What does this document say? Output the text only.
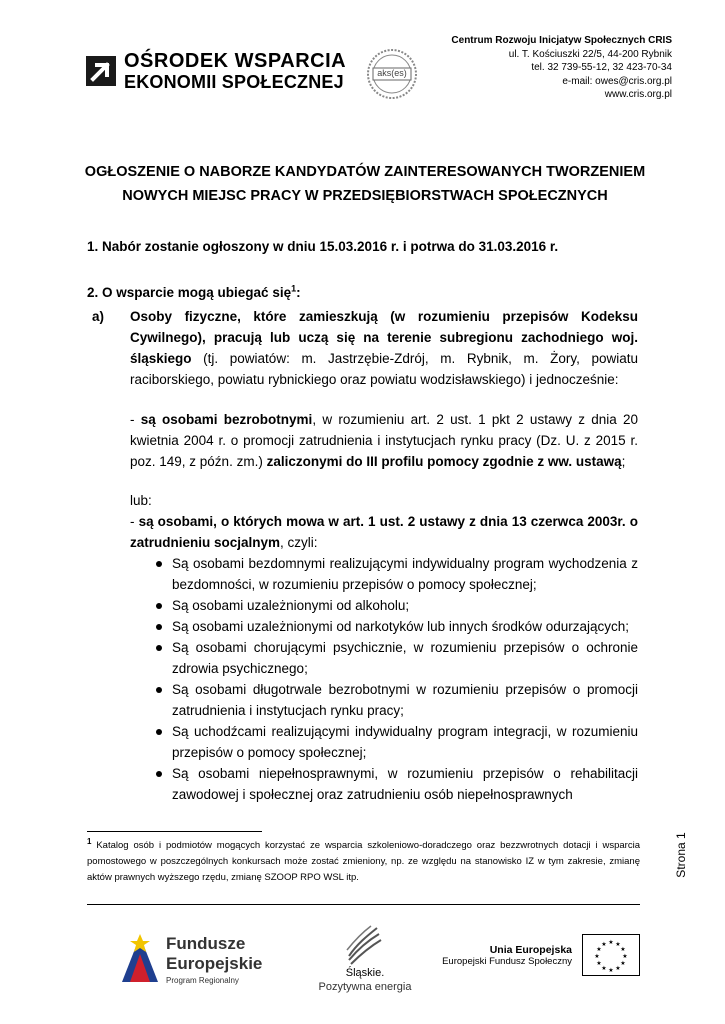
OŚRODEK WSPARCIA
EKONOMII SPOŁECZNEJ	aks(es)
Centrum Rozwoju Inicjatyw Społecznych CRIS
ul. T. Kościuszki 22/5, 44-200 Rybnik
tel. 32 739-55-12, 32 423-70-34
e-mail: owes@cris.org.pl
www.cris.org.pl
OGŁOSZENIE O NABORZE KANDYDATÓW ZAINTERESOWANYCH TWORZENIEM
NOWYCH MIEJSC PRACY W PRZEDSIĘBIORSTWACH SPOŁECZNYCH
1. Nabór zostanie ogłoszony w dniu 15.03.2016 r. i potrwa do 31.03.2016 r.
2. O wsparcie mogą ubiegać się$^1$:
a) Osoby fizyczne, które zamieszkują (w rozumieniu przepisów Kodeksu Cywilnego), pracują lub uczą się na terenie subregionu zachodniego woj. śląskiego (tj. powiatów: m. Jastrzębie-Zdrój, m. Rybnik, m. Żory, powiatu raciborskiego, powiatu rybnickiego oraz powiatu wodzisławskiego) i jednocześnie:
- są osobami bezrobotnymi, w rozumieniu art. 2 ust. 1 pkt 2 ustawy z dnia 20 kwietnia 2004 r. o promocji zatrudnienia i instytucjach rynku pracy (Dz. U. z 2015 r. poz. 149, z późn. zm.) zaliczonymi do III profilu pomocy zgodnie z ww. ustawą;
lub:
- są osobami, o których mowa w art. 1 ust. 2 ustawy z dnia 13 czerwca 2003r. o zatrudnieniu socjalnym, czyli:
Są osobami bezdomnymi realizującymi indywidualny program wychodzenia z bezdomności, w rozumieniu przepisów o pomocy społecznej;
Są osobami uzależnionymi od alkoholu;
Są osobami uzależnionymi od narkotyków lub innych środków odurzających;
Są osobami chorującymi psychicznie, w rozumieniu przepisów o ochronie zdrowia psychicznego;
Są osobami długotrwale bezrobotnymi w rozumieniu przepisów o promocji zatrudnienia i instytucjach rynku pracy;
Są uchodźcami realizującymi indywidualny program integracji, w rozumieniu przepisów o pomocy społecznej;
Są osobami niepełnosprawnymi, w rozumieniu przepisów o rehabilitacji zawodowej i społecznej oraz zatrudnieniu osób niepełnosprawnych
$^1$ Katalog osób i podmiotów mogących korzystać ze wsparcia szkoleniowo-doradczego oraz bezzwrotnych dotacji i wsparcia pomostowego w poszczególnych konkursach może zostać zmieniony, np. ze względu na stanowisko IZ w tym zakresie, zmianę aktów prawnych wyższego rzędu, zmianę SZOOP RPO WSL itp.	Strona 1
Fundusze
Europejskie
Program Regionalny
Śląskie.
Pozytywna energia
Unia Europejska
Europejski Fundusz Społeczny
★ ★
★
★
★
★
★
★
★
★
★
★
